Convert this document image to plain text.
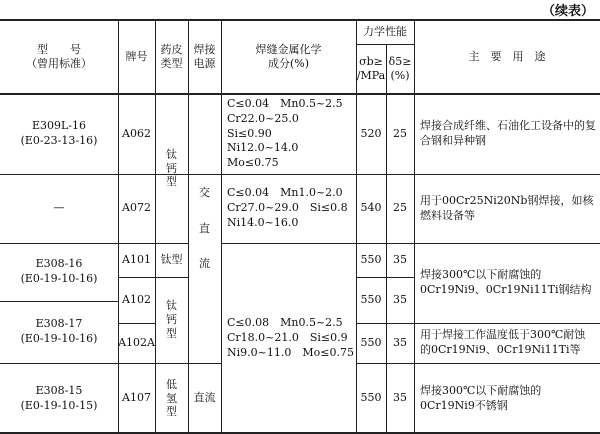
（续表）
型　　号
（曾用标准）
牌号	药皮
类型
焊接
电源
焊缝金属化学
成分(%)
力学性能
σb≥
/MPa
δ5≥
(%)
主　要　用　途
E309L-16
(E0-23-13-16)
—
E308-16
(E0-19-10-16)
E308-17
(E0-19-10-16)
E308-15
(E0-19-10-15)
A062
A072
A101
A102
A102A
A107
钛
钙
型
钛型
钛
钙
型
低
氢
型
交
直
流
直流
C≤0.04　Mn0.5~2.5
Cr22.0~25.0　Si≤0.90
Ni12.0~14.0　Mo≤0.75
C≤0.04　Mn1.0~2.0
Cr27.0~29.0　Si≤0.8
Ni14.0~16.0
C≤0.08　Mn0.5~2.5
Cr18.0~21.0　Si≤0.9
Ni9.0~11.0　Mo≤0.75
520
540
550
550
550
550
25
25
35
35
35
35
焊接合成纤维、石油化工设备中的复合钢和异种钢
用于00Cr25Ni20Nb钢焊接，如核燃料设备等
焊接300℃以下耐腐蚀的0Cr19Ni9、0Cr19Ni11Ti钢结构
用于焊接工作温度低于300℃耐蚀的0Cr19Ni9、0Cr19Ni11Ti等
焊接300℃以下耐腐蚀的0Cr19Ni9不锈钢
